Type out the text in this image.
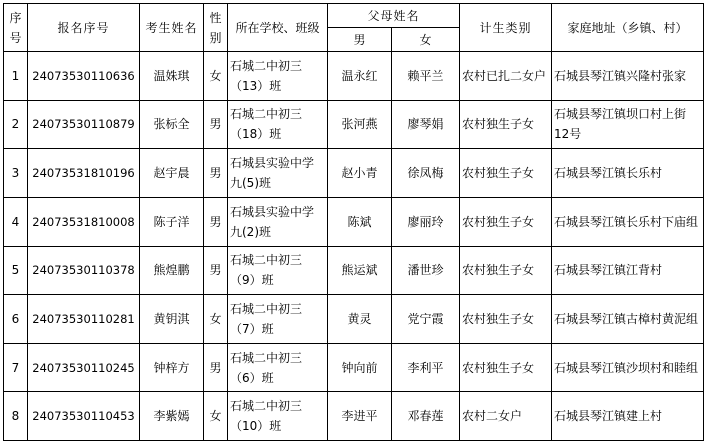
序号	报名序号	考生姓名	性别	所在学校、班级	父母姓名		计生类别	家庭地址（乡镇、村）
					男	女		
1	24073530110636	温姝琪	女	石城二中初三（13）班	温永红	赖平兰	农村已扎二女户	石城县琴江镇兴隆村张家
2	24073530110879	张标全	男	石城二中初三（18）班	张河燕	廖琴娟	农村独生子女	石城县琴江镇坝口村上街12号
3	24073531810196	赵宇晨	男	石城县实验中学九(5)班	赵小青	徐凤梅	农村独生子女	石城县琴江镇长乐村
4	24073531810008	陈子洋	男	石城县实验中学九(2)班	陈斌	廖丽玲	农村独生子女	石城县琴江镇长乐村下庙组
5	24073530110378	熊煌鹏	男	石城二中初三（9）班	熊运斌	潘世珍	农村独生子女	石城县琴江镇江背村
6	24073530110281	黄钥淇	女	石城二中初三（7）班	黄灵	党宁霞	农村独生子女	石城县琴江镇古樟村黄泥组
7	24073530110245	钟梓方	男	石城二中初三（6）班	钟向前	李利平	农村独生子女	石城县琴江镇沙坝村和睦组
8	24073530110453	李紫嫣	女	石城二中初三（10）班	李进平	邓春莲	农村二女户	石城县琴江镇建上村
